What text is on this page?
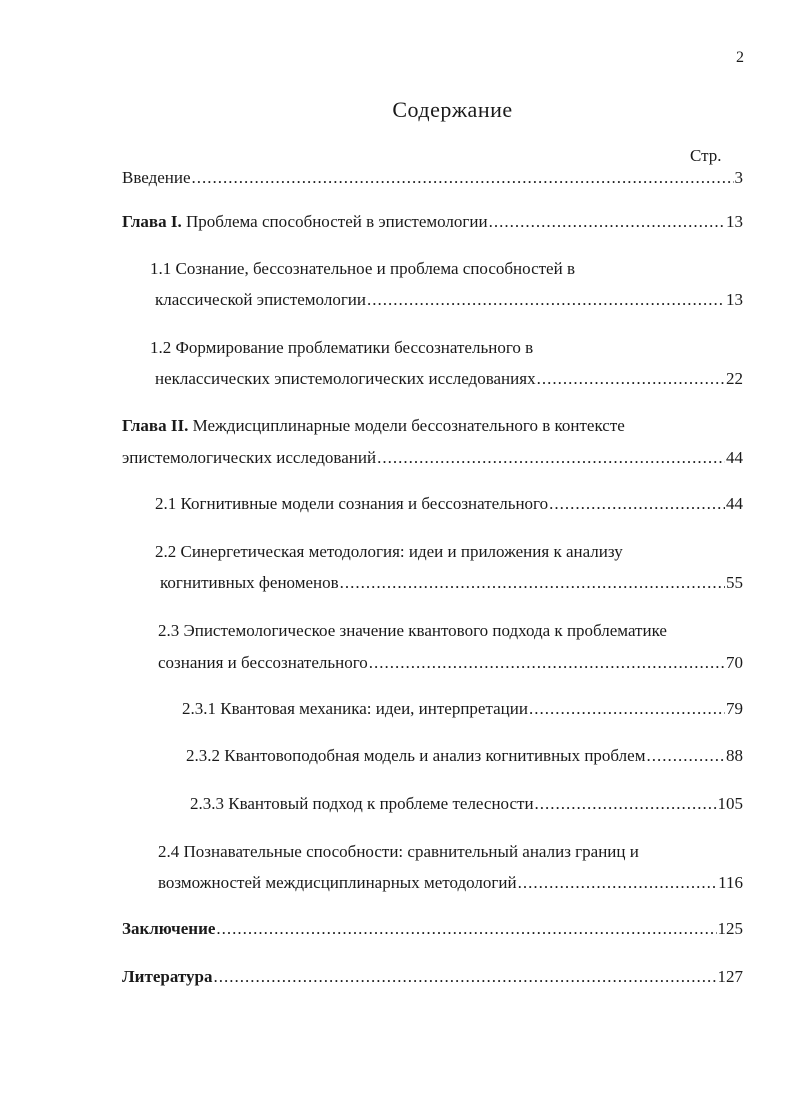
2
Содержание
Стр.
Введение .....	3
Глава I. Проблема способностей в эпистемологии .....	13
1.1 Сознание, бессознательное и проблема способностей в
классической эпистемологии .....	13
1.2 Формирование проблематики бессознательного в
неклассических эпистемологических исследованиях .....	22
Глава II. Междисциплинарные модели бессознательного в контексте
эпистемологических исследований .....	44
2.1 Когнитивные модели сознания и бессознательного .....	44
2.2 Синергетическая методология: идеи и приложения к анализу
когнитивных феноменов .....	55
2.3 Эпистемологическое значение квантового подхода к проблематике
сознания и бессознательного .....	70
2.3.1 Квантовая механика: идеи, интерпретации .....	79
2.3.2 Квантовоподобная модель и анализ когнитивных проблем .....	88
2.3.3 Квантовый подход к проблеме телесности .....	105
2.4 Познавательные способности: сравнительный анализ границ и
возможностей междисциплинарных методологий .....	116
Заключение .....	125
Литература .....	127
